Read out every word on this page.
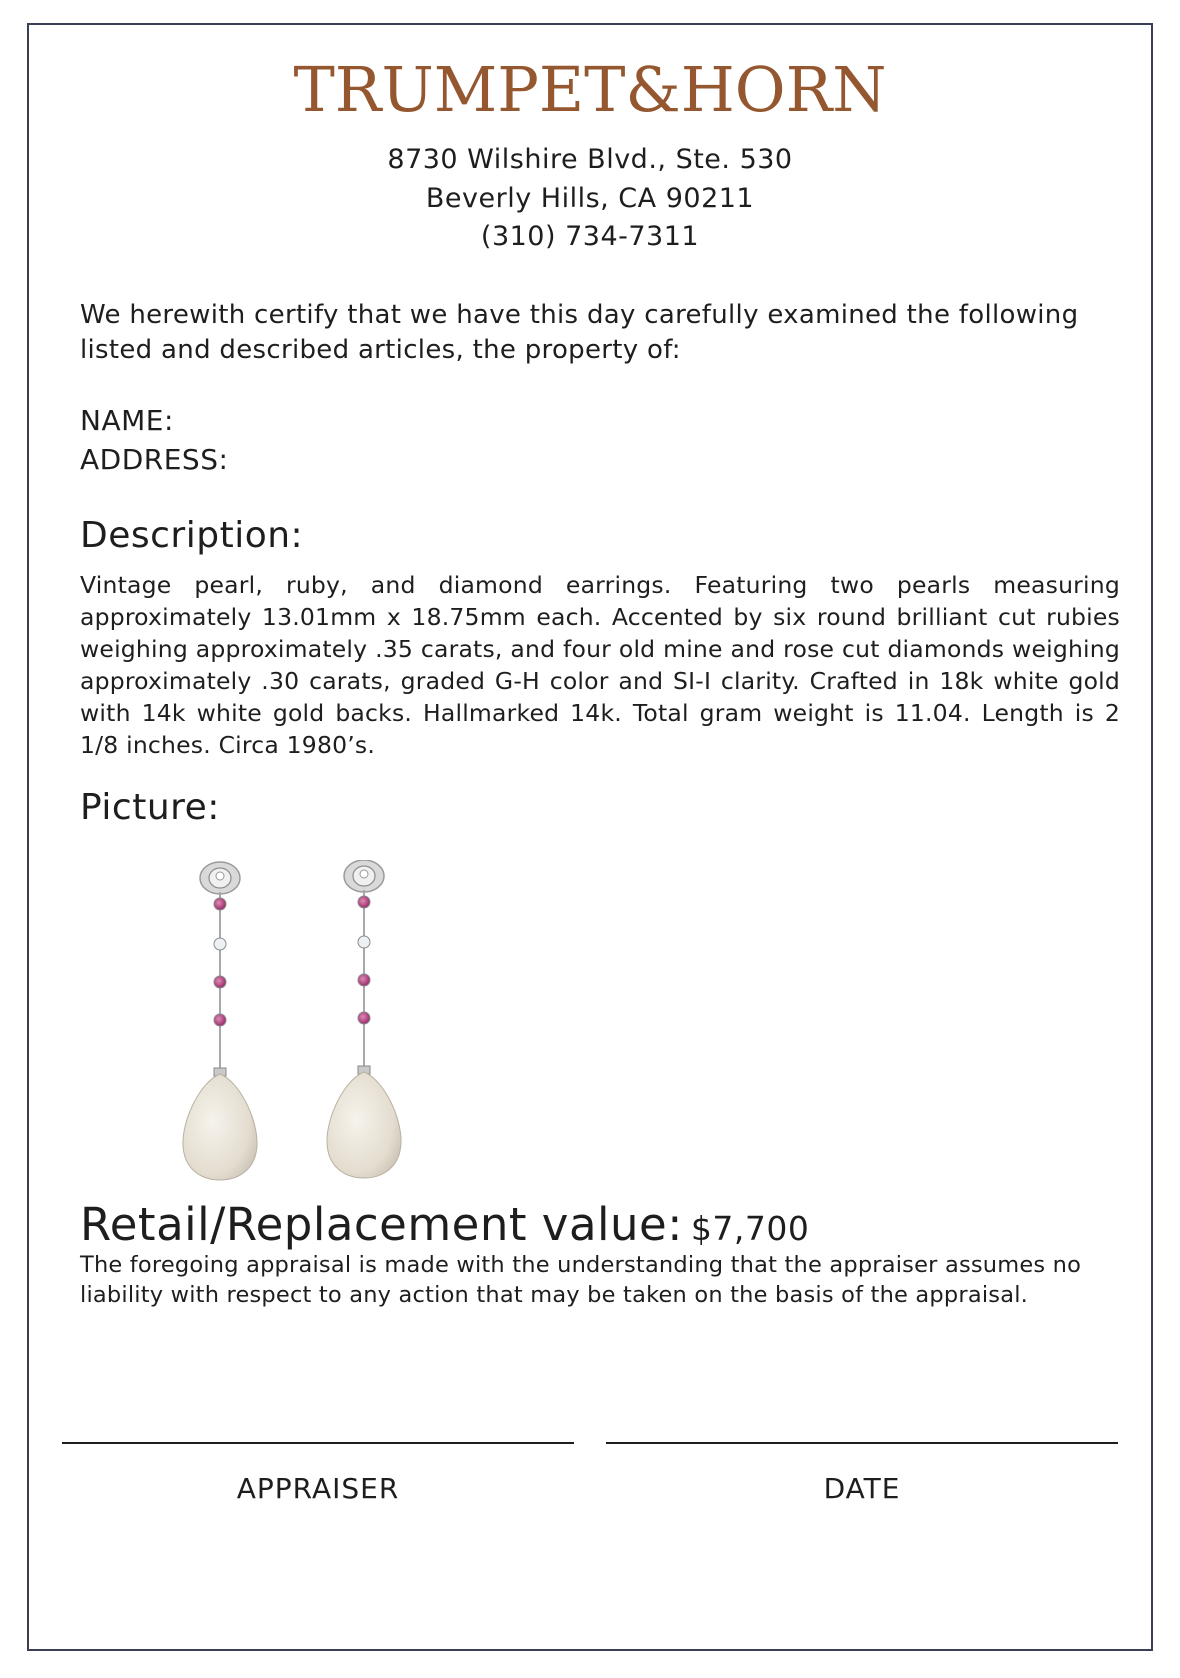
TRUMPET&HORN
8730 Wilshire Blvd., Ste. 530
Beverly Hills, CA 90211
(310) 734-7311
We herewith certify that we have this day carefully examined the following listed and described articles, the property of:
NAME:
ADDRESS:
Description:
Vintage pearl, ruby, and diamond earrings. Featuring two pearls measuring approximately 13.01mm x 18.75mm each. Accented by six round brilliant cut rubies weighing approximately .35 carats, and four old mine and rose cut diamonds weighing approximately .30 carats, graded G-H color and SI-I clarity. Crafted in 18k white gold with 14k white gold backs. Hallmarked 14k. Total gram weight is 11.04. Length is 2 1/8 inches. Circa 1980’s.
Picture:
Retail/Replacement value: $7,700
The foregoing appraisal is made with the understanding that the appraiser assumes no liability with respect to any action that may be taken on the basis of the appraisal.
APPRAISER	DATE
